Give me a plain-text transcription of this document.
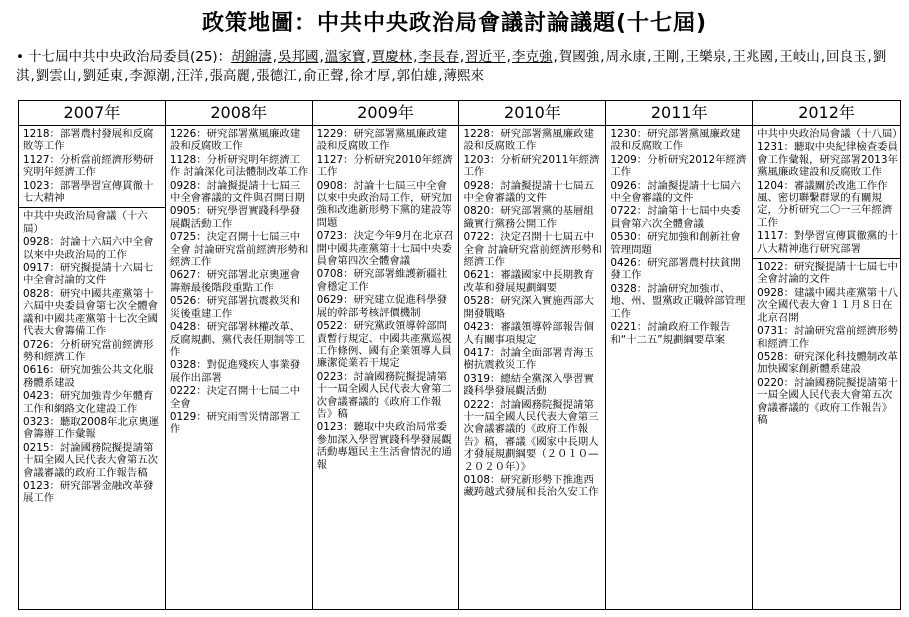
政策地圖：中共中央政治局會議討論議題(十七屆)
• 十七屆中共中央政治局委員(25)：胡錦濤,吳邦國,溫家寶,賈慶林,李長春,習近平,李克強,賀國強,周永康,王剛,王樂泉,王兆國,王岐山,回良玉,劉淇,劉雲山,劉延東,李源潮,汪洋,張高麗,張德江,俞正聲,徐才厚,郭伯雄,薄熙來
2007年
1218：部署農村發展和反腐敗等工作
1127：分析當前經濟形勢研究明年經濟工作
1023：部署學習宣傳貫徹十七大精神
中共中央政治局會議（十六屆）
0928：討論十六屆六中全會以來中央政治局的工作
0917：研究擬提請十六屆七中全會討論的文件
0828：研究中國共產黨第十六屆中央委員會第七次全體會議和中國共產黨第十七次全國代表大會籌備工作
0726：分析研究當前經濟形勢和經濟工作
0616：研究加強公共文化服務體系建設
0423：研究加強青少年體育工作和網路文化建設工作
0323：聽取2008年北京奧運會籌辦工作彙報
0215：討論國務院擬提請第十屆全國人民代表大會第五次會議審議的政府工作報告稿
0123：研究部署金融改革發展工作
2008年
1226：研究部署黨風廉政建設和反腐敗工作
1128：分析研究明年經濟工作 討論深化司法體制改革工作
0928：討論擬提請十七屆三中全會審議的文件與召開日期
0905：研究學習實踐科學發展觀活動工作
0725：決定召開十七屆三中全會 討論研究當前經濟形勢和經濟工作
0627：研究部署北京奧運會籌辦最後階段重點工作
0526：研究部署抗震救災和災後重建工作
0428：研究部署林權改革、反腐規劃、黨代表任期制等工作
0328：對促進殘疾人事業發展作出部署
0222：決定召開十七屆二中全會
0129：研究雨雪災情部署工作
2009年
1229：研究部署黨風廉政建設和反腐敗工作
1127：分析研究2010年經濟工作
0908：討論十七屆三中全會以來中央政治局工作，研究加強和改進新形勢下黨的建設等問題
0723：決定今年9月在北京召開中國共產黨第十七屆中央委員會第四次全體會議
0708：研究部署維護新疆社會穩定工作
0629：研究建立促進科學發展的幹部考核評價機制
0522：研究黨政領導幹部問責暫行規定、中國共產黨巡視工作條例、國有企業領導人員廉潔從業若干規定
0223：討論國務院擬提請第十一屆全國人民代表大會第二次會議審議的《政府工作報告》稿
0123：聽取中央政治局常委參加深入學習實踐科學發展觀活動專題民主生活會情況的通報
2010年
1228：研究部署黨風廉政建設和反腐敗工作
1203：分析研究2011年經濟工作
0928：討論擬提請十七屆五中全會審議的文件
0820：研究部署黨的基層組織實行黨務公開工作
0722：決定召開十七屆五中全會 討論研究當前經濟形勢和經濟工作
0621：審議國家中長期教育改革和發展規劃綱要
0528：研究深入實施西部大開發戰略
0423：審議領導幹部報告個人有關事項規定
0417：討論全面部署青海玉樹抗震救災工作
0319：總結全黨深入學習實踐科學發展觀活動
0222：討論國務院擬提請第十一屆全國人民代表大會第三次會議審議的《政府工作報告》稿，審議《國家中長期人才發展規劃綱要（２０１０—２０２０年）》
0108：研究新形勢下推進西藏跨越式發展和長治久安工作
2011年
1230：研究部署黨風廉政建設和反腐敗工作
1209：分析研究2012年經濟工作
0926：討論擬提請十七屆六中全會審議的文件
0722：討論第十七屆中央委員會第六次全體會議
0530：研究加強和創新社會管理問題
0426：研究部署農村扶貧開發工作
0328：討論研究加強市、地、州、盟黨政正職幹部管理工作
0221：討論政府工作報告和“十二五”規劃綱要草案
2012年
中共中央政治局會議（十八屆）
1231：聽取中央紀律檢查委員會工作彙報，研究部署2013年黨風廉政建設和反腐敗工作
1204：審議關於改進工作作風、密切聯繫群眾的有關規定，分析研究二〇一三年經濟工作
1117：對學習宣傳貫徹黨的十八大精神進行研究部署
1022：研究擬提請十七屆七中全會討論的文件
0928：建議中國共產黨第十八次全國代表大會１１月８日在北京召開
0731：討論研究當前經濟形勢和經濟工作
0528：研究深化科技體制改革 加快國家創新體系建設
0220：討論國務院擬提請第十一屆全國人民代表大會第五次會議審議的《政府工作報告》稿
